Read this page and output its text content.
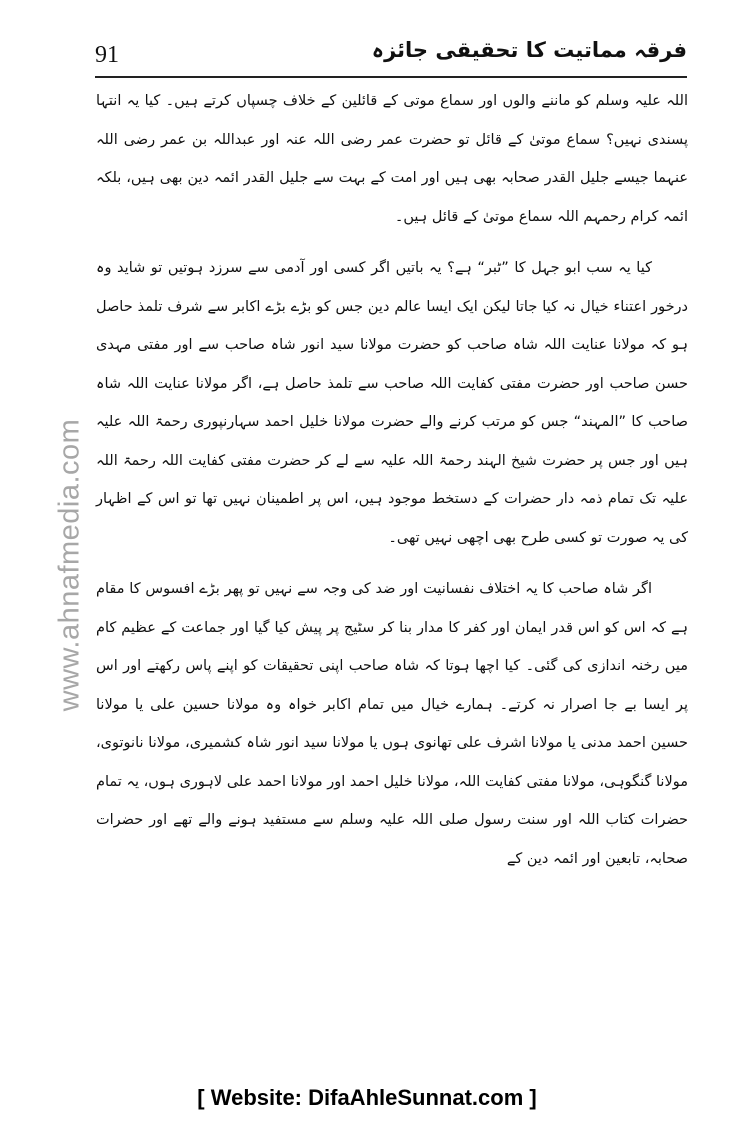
91	فرقہ مماتیت کا تحقیقی جائزہ
www.ahnafmedia.com

اللہ علیہ وسلم کو ماننے والوں اور سماع موتی کے قائلین کے خلاف چسپاں کرتے ہیں۔ کیا یہ انتہا پسندی نہیں؟ سماع موتیٰ کے قائل تو حضرت عمر رضی اللہ عنہ اور عبداللہ بن عمر رضی اللہ عنہما جیسے جلیل القدر صحابہ بھی ہیں اور امت کے بہت سے جلیل القدر ائمہ دین بھی ہیں، بلکہ ائمہ کرام رحمہم اللہ سماع موتیٰ کے قائل ہیں۔

کیا یہ سب ابو جہل کا ”ٹبر“ ہے؟ یہ باتیں اگر کسی اور آدمی سے سرزد ہوتیں تو شاید وہ درخور اعتناء خیال نہ کیا جاتا لیکن ایک ایسا عالم دین جس کو بڑے بڑے اکابر سے شرف تلمذ حاصل ہو کہ مولانا عنایت اللہ شاہ صاحب کو حضرت مولانا سید انور شاہ صاحب سے اور مفتی مہدی حسن صاحب اور حضرت مفتی کفایت اللہ صاحب سے تلمذ حاصل ہے، اگر مولانا عنایت اللہ شاہ صاحب کا ”المہند“ جس کو مرتب کرنے والے حضرت مولانا خلیل احمد سہارنپوری رحمۃ اللہ علیہ ہیں اور جس پر حضرت شیخ الہند رحمۃ اللہ علیہ سے لے کر حضرت مفتی کفایت اللہ رحمۃ اللہ علیہ تک تمام ذمہ دار حضرات کے دستخط موجود ہیں، اس پر اطمینان نہیں تھا تو اس کے اظہار کی یہ صورت تو کسی طرح بھی اچھی نہیں تھی۔

اگر شاہ صاحب کا یہ اختلاف نفسانیت اور ضد کی وجہ سے نہیں تو پھر بڑے افسوس کا مقام ہے کہ اس کو اس قدر ایمان اور کفر کا مدار بنا کر سٹیج پر پیش کیا گیا اور جماعت کے عظیم کام میں رخنہ اندازی کی گئی۔ کیا اچھا ہوتا کہ شاہ صاحب اپنی تحقیقات کو اپنے پاس رکھتے اور اس پر ایسا بے جا اصرار نہ کرتے۔ ہمارے خیال میں تمام اکابر خواہ وہ مولانا حسین علی یا مولانا حسین احمد مدنی یا مولانا اشرف علی تھانوی ہوں یا مولانا سید انور شاہ کشمیری، مولانا نانوتوی، مولانا گنگوہی، مولانا مفتی کفایت اللہ، مولانا خلیل احمد اور مولانا احمد علی لاہوری ہوں، یہ تمام حضرات کتاب اللہ اور سنت رسول صلی اللہ علیہ وسلم سے مستفید ہونے والے تھے اور حضرات صحابہ، تابعین اور ائمہ دین کے

[ Website: DifaAhleSunnat.com ]
